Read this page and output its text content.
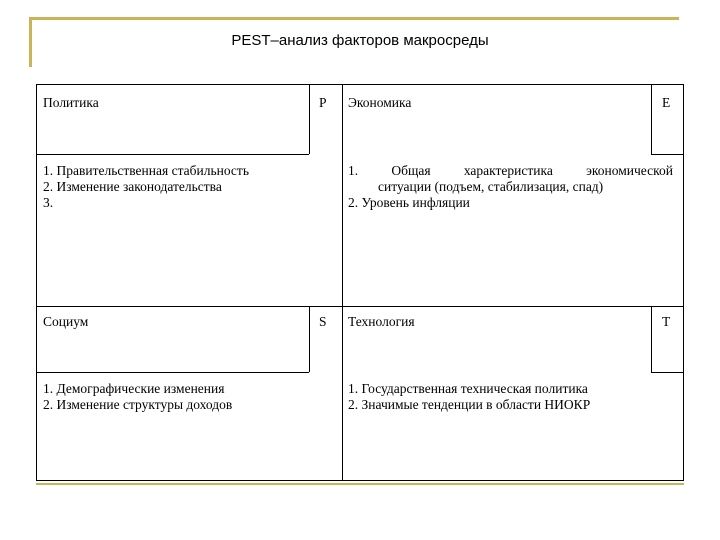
PEST–анализ факторов макросреды
Политика	P
1. Правительственная стабильность
2. Изменение законодательства
3.
Экономика	E
1. Общая характеристика экономической
ситуации (подъем, стабилизация, спад)
2. Уровень инфляции
Социум	S
1. Демографические изменения
2. Изменение структуры доходов
Технология	T
1. Государственная техническая политика
2. Значимые тенденции в области НИОКР
